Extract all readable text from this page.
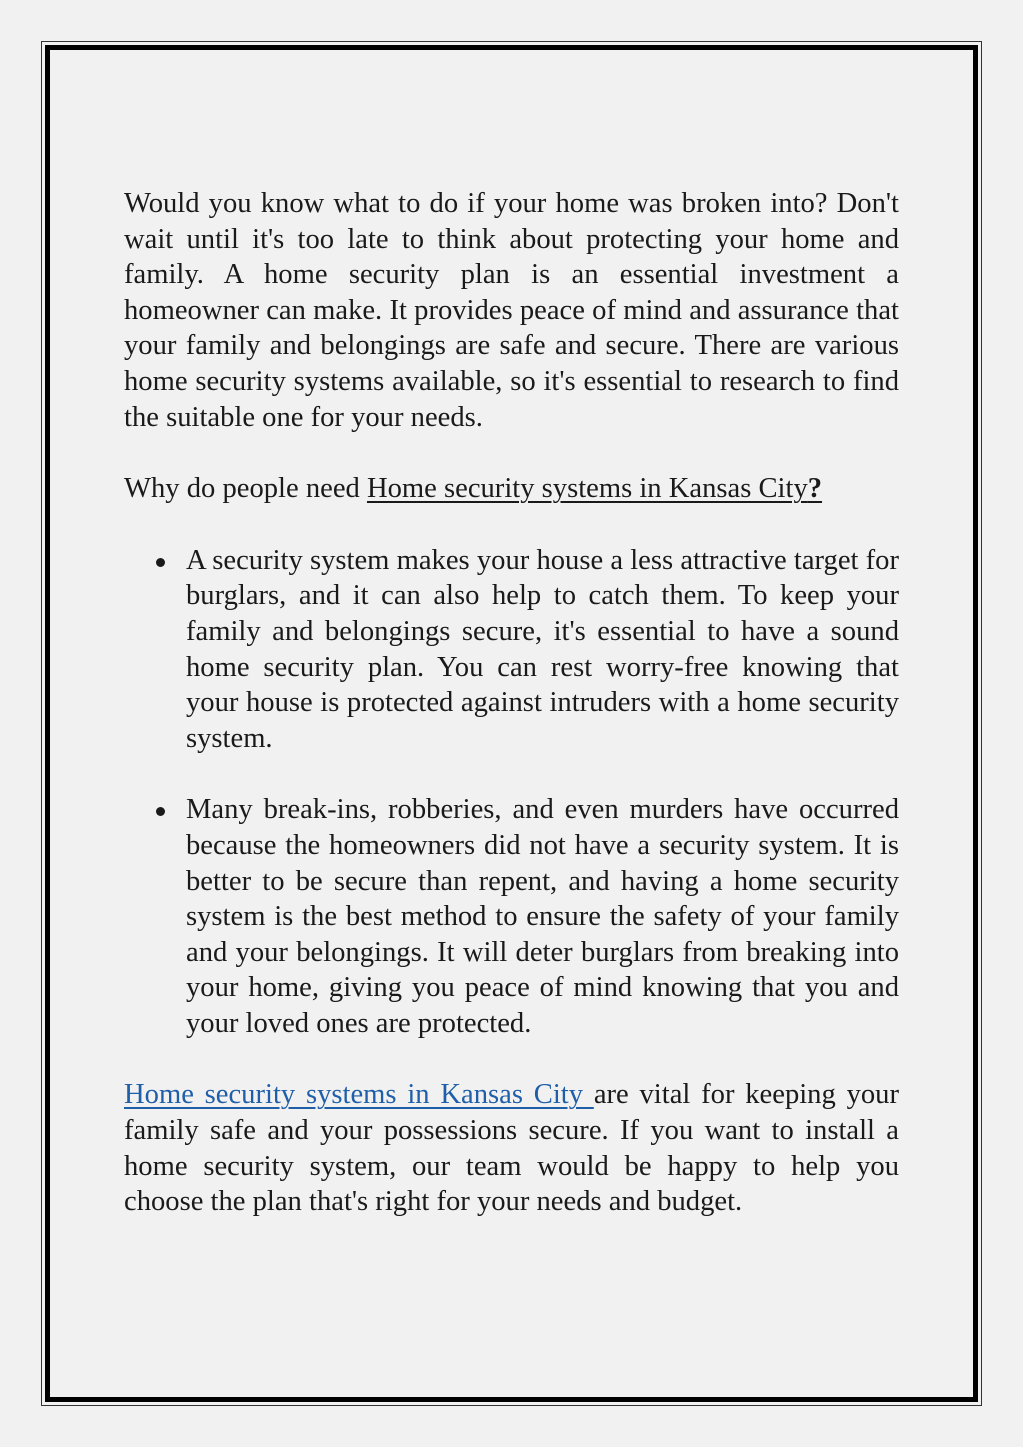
Would you know what to do if your home was broken into? Don't wait until it's too late to think about protecting your home and family. A home security plan is an essential investment a homeowner can make. It provides peace of mind and assurance that your family and belongings are safe and secure. There are various home security systems available, so it's essential to research to find the suitable one for your needs.

Why do people need Home security systems in Kansas City?

A security system makes your house a less attractive target for burglars, and it can also help to catch them. To keep your family and belongings secure, it's essential to have a sound home security plan. You can rest worry-free knowing that your house is protected against intruders with a home security system.
Many break-ins, robberies, and even murders have occurred because the homeowners did not have a security system. It is better to be secure than repent, and having a home security system is the best method to ensure the safety of your family and your belongings. It will deter burglars from breaking into your home, giving you peace of mind knowing that you and your loved ones are protected.

Home security systems in Kansas City are vital for keeping your family safe and your possessions secure. If you want to install a home security system, our team would be happy to help you choose the plan that's right for your needs and budget.
